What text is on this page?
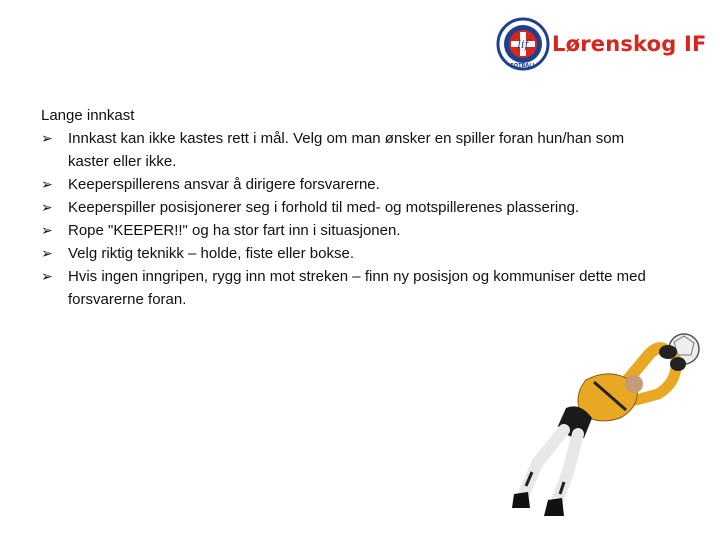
lif
FOTBALL
Lørenskog IF

Lange innkast

➢ Innkast kan ikke kastes rett i mål. Velg om man ønsker en spiller foran hun/han som kaster eller ikke.
➢ Keeperspillerens ansvar å dirigere forsvarerne.
➢ Keeperspiller posisjonerer seg i forhold til med- og motspillerenes plassering.
➢ Rope "KEEPER!!" og ha stor fart inn i situasjonen.
➢ Velg riktig teknikk – holde, fiste eller bokse.
➢ Hvis ingen inngripen, rygg inn mot streken – finn ny posisjon og kommuniser dette med forsvarerne foran.
